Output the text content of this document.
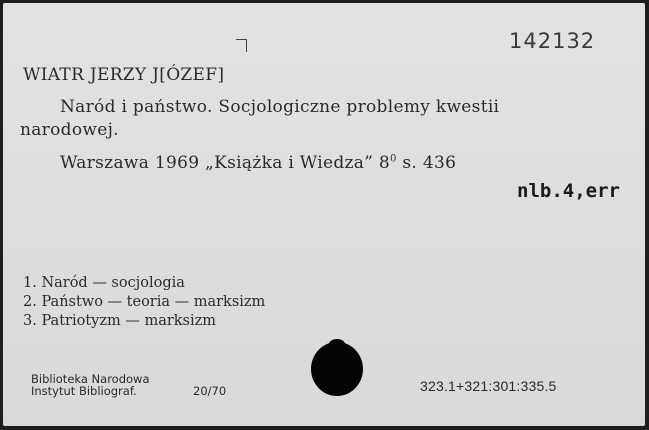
142132
WIATR JERZY J[ÓZEF]
Naród i państwo. Socjologiczne problemy kwestii
narodowej.
Warszawa 1969 „Książka i Wiedza” $8^0$ s. 436
nlb.4,err
1. Naród — socjologia
2. Państwo — teoria — marksizm
3. Patriotyzm — marksizm
Biblioteka Narodowa
Instytut Bibliograf.	20/70	323.1+321:301:335.5
